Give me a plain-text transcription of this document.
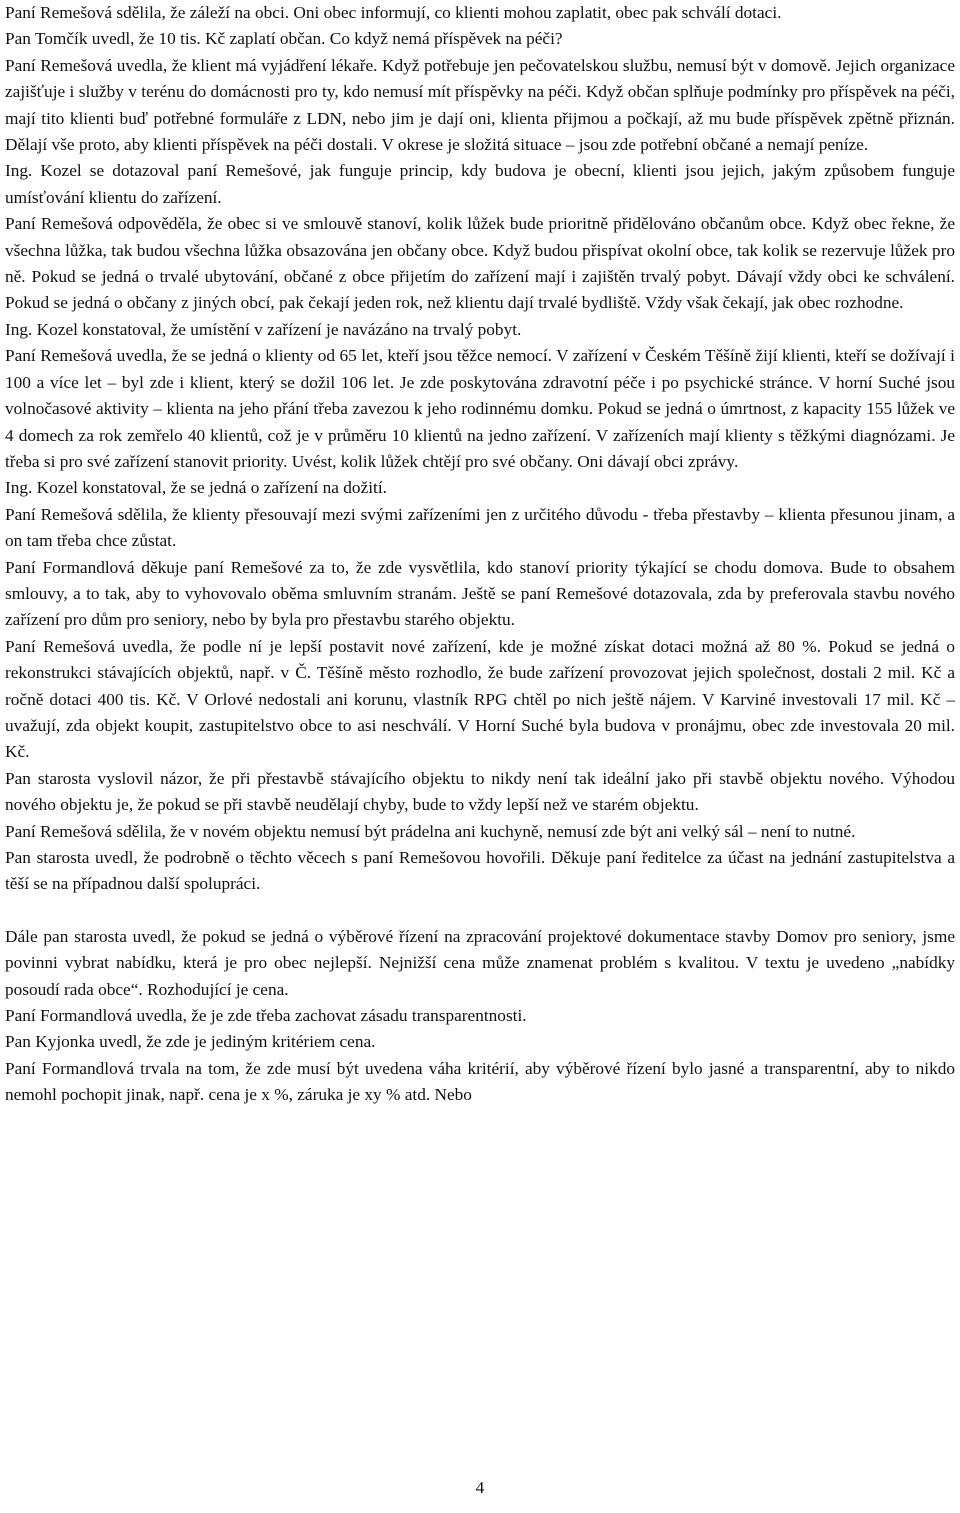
Paní Remešová sdělila, že záleží na obci. Oni obec informují, co klienti mohou zaplatit, obec pak schválí dotaci.

Pan Tomčík uvedl, že 10 tis. Kč zaplatí občan. Co když nemá příspěvek na péči?

Paní Remešová uvedla, že klient má vyjádření lékaře. Když potřebuje jen pečovatelskou službu, nemusí být v domově. Jejich organizace zajišťuje i služby v terénu do domácnosti pro ty, kdo nemusí mít příspěvky na péči. Když občan splňuje podmínky pro příspěvek na péči, mají tito klienti buď potřebné formuláře z LDN, nebo jim je dají oni, klienta přijmou a počkají, až mu bude příspěvek zpětně přiznán. Dělají vše proto, aby klienti příspěvek na péči dostali. V okrese je složitá situace – jsou zde potřební občané a nemají peníze.

Ing. Kozel se dotazoval paní Remešové, jak funguje princip, kdy budova je obecní, klienti jsou jejich, jakým způsobem funguje umísťování klientu do zařízení.

Paní Remešová odpověděla, že obec si ve smlouvě stanoví, kolik lůžek bude prioritně přidělováno občanům obce. Když obec řekne, že všechna lůžka, tak budou všechna lůžka obsazována jen občany obce. Když budou přispívat okolní obce, tak kolik se rezervuje lůžek pro ně. Pokud se jedná o trvalé ubytování, občané z obce přijetím do zařízení mají i zajištěn trvalý pobyt. Dávají vždy obci ke schválení. Pokud se jedná o občany z jiných obcí, pak čekají jeden rok, než klientu dají trvalé bydliště. Vždy však čekají, jak obec rozhodne.

Ing. Kozel konstatoval, že umístění v zařízení je navázáno na trvalý pobyt.

Paní Remešová uvedla, že se jedná o klienty od 65 let, kteří jsou těžce nemocí. V zařízení v Českém Těšíně žijí klienti, kteří se dožívají i 100 a více let – byl zde i klient, který se dožil 106 let. Je zde poskytována zdravotní péče i po psychické stránce. V horní Suché jsou volnočasové aktivity – klienta na jeho přání třeba zavezou k jeho rodinnému domku. Pokud se jedná o úmrtnost, z kapacity 155 lůžek ve 4 domech za rok zemřelo 40 klientů, což je v průměru 10 klientů na jedno zařízení. V zařízeních mají klienty s těžkými diagnózami. Je třeba si pro své zařízení stanovit priority. Uvést, kolik lůžek chtějí pro své občany. Oni dávají obci zprávy.

Ing. Kozel konstatoval, že se jedná o zařízení na dožití.

Paní Remešová sdělila, že klienty přesouvají mezi svými zařízeními jen z určitého důvodu - třeba přestavby – klienta přesunou jinam, a on tam třeba chce zůstat.

Paní Formandlová děkuje paní Remešové za to, že zde vysvětlila, kdo stanoví priority týkající se chodu domova. Bude to obsahem smlouvy, a to tak, aby to vyhovovalo oběma smluvním stranám. Ještě se paní Remešové dotazovala, zda by preferovala stavbu nového zařízení pro dům pro seniory, nebo by byla pro přestavbu starého objektu.

Paní Remešová uvedla, že podle ní je lepší postavit nové zařízení, kde je možné získat dotaci možná až 80 %. Pokud se jedná o rekonstrukci stávajících objektů, např. v Č. Těšíně město rozhodlo, že bude zařízení provozovat jejich společnost, dostali 2 mil. Kč a ročně dotaci 400 tis. Kč. V Orlové nedostali ani korunu, vlastník RPG chtěl po nich ještě nájem. V Karviné investovali 17 mil. Kč – uvažují, zda objekt koupit, zastupitelstvo obce to asi neschválí. V Horní Suché byla budova v pronájmu, obec zde investovala 20 mil. Kč.

Pan starosta vyslovil názor, že při přestavbě stávajícího objektu to nikdy není tak ideální jako při stavbě objektu nového. Výhodou nového objektu je, že pokud se při stavbě neudělají chyby, bude to vždy lepší než ve starém objektu.

Paní Remešová sdělila, že v novém objektu nemusí být prádelna ani kuchyně, nemusí zde být ani velký sál – není to nutné.

Pan starosta uvedl, že podrobně o těchto věcech s paní Remešovou hovořili. Děkuje paní ředitelce za účast na jednání zastupitelstva a těší se na případnou další spolupráci.

Dále pan starosta uvedl, že pokud se jedná o výběrové řízení na zpracování projektové dokumentace stavby Domov pro seniory, jsme povinni vybrat nabídku, která je pro obec nejlepší. Nejnižší cena může znamenat problém s kvalitou. V textu je uvedeno „nabídky posoudí rada obce“. Rozhodující je cena.

Paní Formandlová uvedla, že je zde třeba zachovat zásadu transparentnosti.

Pan Kyjonka uvedl, že zde je jediným kritériem cena.

Paní Formandlová trvala na tom, že zde musí být uvedena váha kritérií, aby výběrové řízení bylo jasné a transparentní, aby to nikdo nemohl pochopit jinak, např. cena je x %, záruka je xy % atd. Nebo

4
